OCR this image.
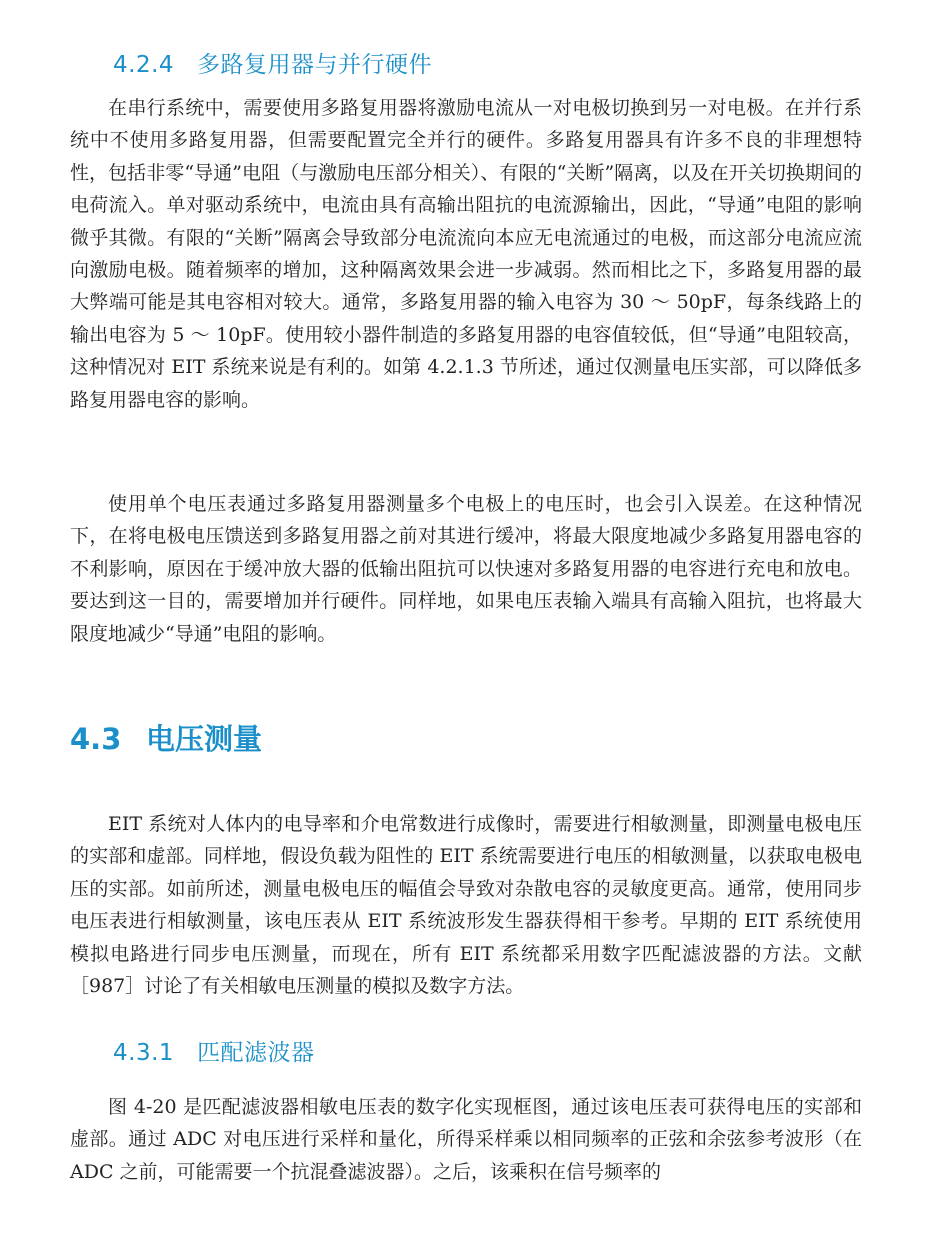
4.2.4 多路复用器与并行硬件

在串行系统中，需要使用多路复用器将激励电流从一对电极切换到另一对电极。在并行系统中不使用多路复用器，但需要配置完全并行的硬件。多路复用器具有许多不良的非理想特性，包括非零“导通”电阻（与激励电压部分相关）、有限的“关断”隔离，以及在开关切换期间的电荷流入。单对驱动系统中，电流由具有高输出阻抗的电流源输出，因此，“导通”电阻的影响微乎其微。有限的“关断”隔离会导致部分电流流向本应无电流通过的电极，而这部分电流应流向激励电极。随着频率的增加，这种隔离效果会进一步减弱。然而相比之下，多路复用器的最大弊端可能是其电容相对较大。通常，多路复用器的输入电容为 30 ～ 50pF，每条线路上的输出电容为 5 ～ 10pF。使用较小器件制造的多路复用器的电容值较低，但“导通”电阻较高，这种情况对 EIT 系统来说是有利的。如第 4.2.1.3 节所述，通过仅测量电压实部，可以降低多路复用器电容的影响。

使用单个电压表通过多路复用器测量多个电极上的电压时，也会引入误差。在这种情况下，在将电极电压馈送到多路复用器之前对其进行缓冲，将最大限度地减少多路复用器电容的不利影响，原因在于缓冲放大器的低输出阻抗可以快速对多路复用器的电容进行充电和放电。要达到这一目的，需要增加并行硬件。同样地，如果电压表输入端具有高输入阻抗，也将最大限度地减少“导通”电阻的影响。

4.3 电压测量

EIT 系统对人体内的电导率和介电常数进行成像时，需要进行相敏测量，即测量电极电压的实部和虚部。同样地，假设负载为阻性的 EIT 系统需要进行电压的相敏测量，以获取电极电压的实部。如前所述，测量电极电压的幅值会导致对杂散电容的灵敏度更高。通常，使用同步电压表进行相敏测量，该电压表从 EIT 系统波形发生器获得相干参考。早期的 EIT 系统使用模拟电路进行同步电压测量，而现在，所有 EIT 系统都采用数字匹配滤波器的方法。文献［987］讨论了有关相敏电压测量的模拟及数字方法。

4.3.1 匹配滤波器

图 4-20 是匹配滤波器相敏电压表的数字化实现框图，通过该电压表可获得电压的实部和虚部。通过 ADC 对电压进行采样和量化，所得采样乘以相同频率的正弦和余弦参考波形（在 ADC 之前，可能需要一个抗混叠滤波器）。之后，该乘积在信号频率的
